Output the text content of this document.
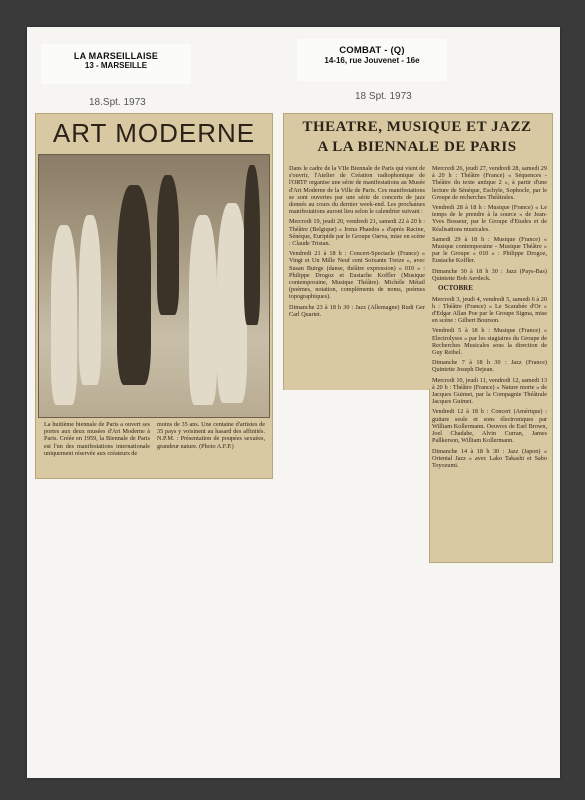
LA MARSEILLAISE
13 - MARSEILLE
18.Spt. 1973
COMBAT - (Q)
14-16, rue Jouvenet - 16e
18 Spt. 1973
ART MODERNE
La huitième biennale de Paris a ouvert ses portes aux deux musées d'Art Moderne à Paris. Créée en 1959, la Biennale de Paris est l'un des manifestations internationale uniquement réservée aux créateurs de
moins de 35 ans. Une centaine d'artistes de 35 pays y voisinent au hasard des affinités. N.P.M. : Présentation de poupées sexuées, grandeur nature. (Photo A.F.P.)
THEATRE, MUSIQUE ET JAZZ
A LA BIENNALE DE PARIS

Dans le cadre de la VIIe Biennale de Paris qui vient de s'ouvrir, l'Atelier de Création radiophonique de l'ORTF organise une série de manifestations au Musée d'Art Moderne de la Ville de Paris. Ces manifestations se sont ouvertes par une série de concerts de jazz donnés au cours du dernier week-end. Les prochaines manifestations auront lieu selon le calendrier suivant :

Mercredi 19, jeudi 20, vendredi 21, samedi 22 à 20 h : Théâtre (Belgique) « Irena Phaedra » d'après Racine, Sénèque, Euripide par le Groupe Oarva, mise en scène : Claude Tristan.

Vendredi 21 à 18 h : Concert-Spectacle (France) « Vingt et Un Mille Neuf cent Soixante Treize », avec Susan Buirge (danse, théâtre expression) « 010 » : Philippe Drogoz et Eustache Koffler (Musique contemporaine, Musique Théâtre). Michèle Métail (poèmes, notation, compléments de noms, poèmes topographiques).

Dimanche 23 à 18 h 30 : Jazz (Allemagne) Rudi Ger Carl Quartet.

Mercredi 26, jeudi 27, vendredi 28, samedi 29 à 20 h : Théâtre (France) « Séquences - Théâtre du texte antique 2 », à partir d'une lecture de Sénèque, Eschyle, Sophocle, par le Groupe de recherches Théâtrales.

Vendredi 28 à 18 h : Musique (France) « Le temps de le prendre à la source » de Jean-Yves Bosseur, par le Groupe d'Etudes et de Réalisations musicales.

Samedi 29 à 18 h : Musique (France) « Musique contemporaine - Musique Théâtre » par le Groupe « 010 » : Philippe Drogoz, Eustache Koffler.

Dimanche 30 à 18 h 30 : Jazz (Pays-Bas) Quintette Bob Aerdeck.

OCTOBRE

Mercredi 3, jeudi 4, vendredi 5, samedi 6 à 20 h : Théâtre (France) « Le Scarabée d'Or » d'Edgar Allan Poe par le Groupe Sigma, mise en scène : Gilbert Bourson.

Vendredi 5 à 18 h : Musique (France) « Electrolyses » par les stagiaires du Groupe de Recherches Musicales sous la direction de Guy Reibel.

Dimanche 7 à 18 h 30 : Jazz (France) Quintette Joseph Dejean.

Mercredi 10, jeudi 11, vendredi 12, samedi 13 à 20 h : Théâtre (France) « Nature morte » de Jacques Guimet, par la Compagnie Théâtrale Jacques Guimet.

Vendredi 12 à 18 h : Concert (Amérique) : guitare seule et sons électroniques par William Kollermann. Oeuvres de Earl Brown, Joel Chadabe, Alvin Curran, James Pallkerson, William Kollermann.

Dimanche 14 à 18 h 30 : Jazz (Japon) « Oriental Jazz » avec Lako Takashi et Sabo Toyozumi.
